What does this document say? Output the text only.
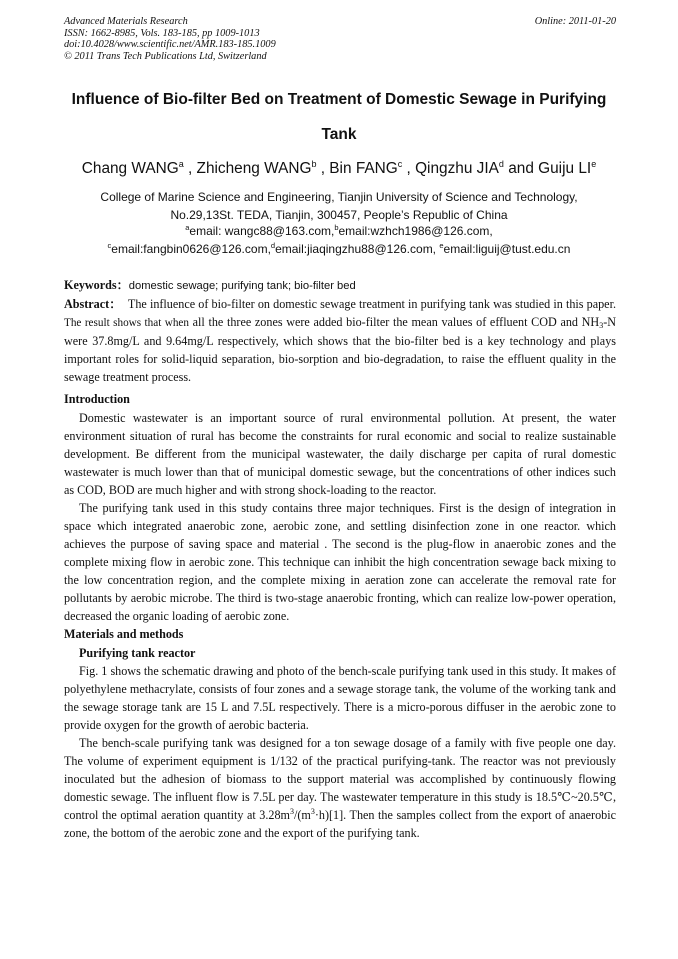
Advanced Materials Research
ISSN: 1662-8985, Vols. 183-185, pp 1009-1013
doi:10.4028/www.scientific.net/AMR.183-185.1009
© 2011 Trans Tech Publications Ltd, Switzerland
Online: 2011-01-20
Influence of Bio-filter Bed on Treatment of Domestic Sewage in Purifying
Tank
Chang WANG$^a$ , Zhicheng WANG$^b$ , Bin FANG$^c$ , Qingzhu JIA$^d$ and Guiju LIe
College of Marine Science and Engineering, Tianjin University of Science and Technology,
No.29,13St. TEDA, Tianjin, 300457, People’s Republic of China
$^a$email: wangc88@163.com,$^b$email:wzhch1986@126.com,
$^c$email:fangbin0626@126.com,$^d$email:jiaqingzhu88@126.com, $^e$email:liguij@tust.edu.cn

Keywords：domestic sewage; purifying tank; bio-filter bed

Abstract： The influence of bio-filter on domestic sewage treatment in purifying tank was studied in this paper. The result shows that when all the three zones were added bio-filter the mean values of effluent COD and $NH_3-N$ were 37.8mg/L and 9.64mg/L respectively, which shows that the bio-filter bed is a key technology and plays important roles for solid-liquid separation, bio-sorption and bio-degradation, to raise the effluent quality in the sewage treatment process.

Introduction

Domestic wastewater is an important source of rural environmental pollution. At present, the water environment situation of rural has become the constraints for rural economic and social to realize sustainable development. Be different from the municipal wastewater, the daily discharge per capita of rural domestic wastewater is much lower than that of municipal domestic sewage, but the concentrations of other indices such as COD, BOD are much higher and with strong shock-loading to the reactor.

The purifying tank used in this study contains three major techniques. First is the design of integration in space which integrated anaerobic zone, aerobic zone, and settling disinfection zone in one reactor. which achieves the purpose of saving space and material . The second is the plug-flow in anaerobic zones and the complete mixing flow in aerobic zone. This technique can inhibit the high concentration sewage back mixing to the low concentration region, and the complete mixing in aeration zone can accelerate the removal rate for pollutants by aerobic microbe. The third is two-stage anaerobic fronting, which can realize low-power operation, decreased the organic loading of aerobic zone.

Materials and methods

Purifying tank reactor

Fig. 1 shows the schematic drawing and photo of the bench-scale purifying tank used in this study. It makes of polyethylene methacrylate, consists of four zones and a sewage storage tank, the volume of the working tank and the sewage storage tank are 15 L and 7.5L respectively. There is a micro-porous diffuser in the aerobic zone to provide oxygen for the growth of aerobic bacteria.

The bench-scale purifying tank was designed for a ton sewage dosage of a family with five people one day. The volume of experiment equipment is 1/132 of the practical purifying-tank. The reactor was not previously inoculated but the adhesion of biomass to the support material was accomplished by continuously flowing domestic sewage. The influent flow is 7.5L per day. The wastewater temperature in this study is 18.5℃~20.5℃, control the optimal aeration quantity at $3.28m^3/(m^3\cdot h)[1]$. Then the samples collect from the export of anaerobic zone, the bottom of the aerobic zone and the export of the purifying tank.
